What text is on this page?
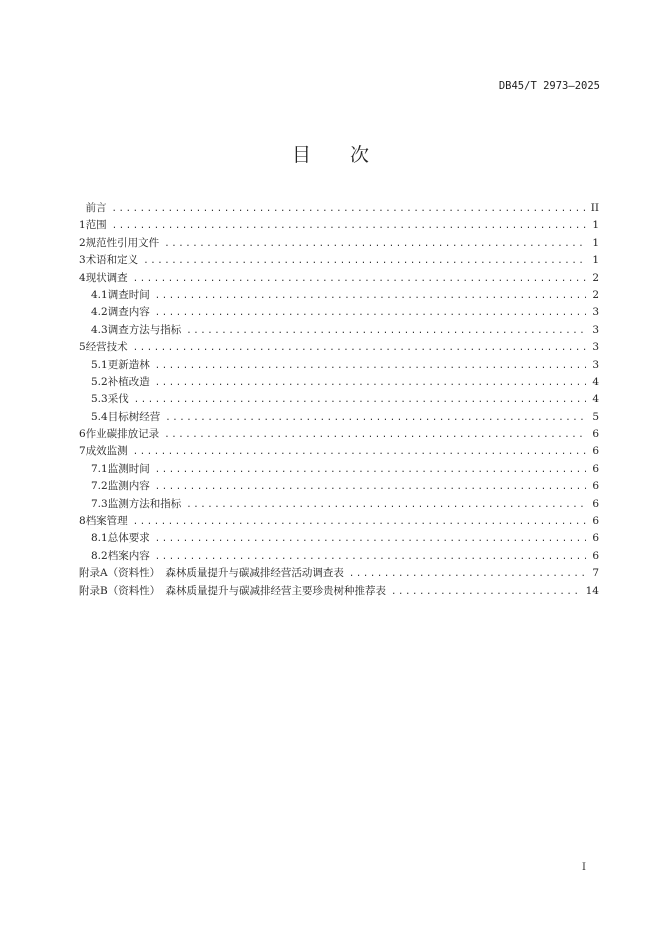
DB45/T 2973—2025
目 次
前言 .....	II
1 范围 .....	1
2 规范性引用文件 .....	1
3 术语和定义 .....	1
4 现状调查 .....	2
4.1 调查时间 .....	2
4.2 调查内容 .....	3
4.3 调查方法与指标 .....	3
5 经营技术 .....	3
5.1 更新造林 .....	3
5.2 补植改造 .....	4
5.3 采伐 .....	4
5.4 目标树经营 .....	5
6 作业碳排放记录 .....	6
7 成效监测 .....	6
7.1 监测时间 .....	6
7.2 监测内容 .....	6
7.3 监测方法和指标 .....	6
8 档案管理 .....	6
8.1 总体要求 .....	6
8.2 档案内容 .....	6
附录A（资料性）　森林质量提升与碳减排经营活动调查表 .....	7
附录B（资料性）　森林质量提升与碳减排经营主要珍贵树种推荐表 .....	14
I
